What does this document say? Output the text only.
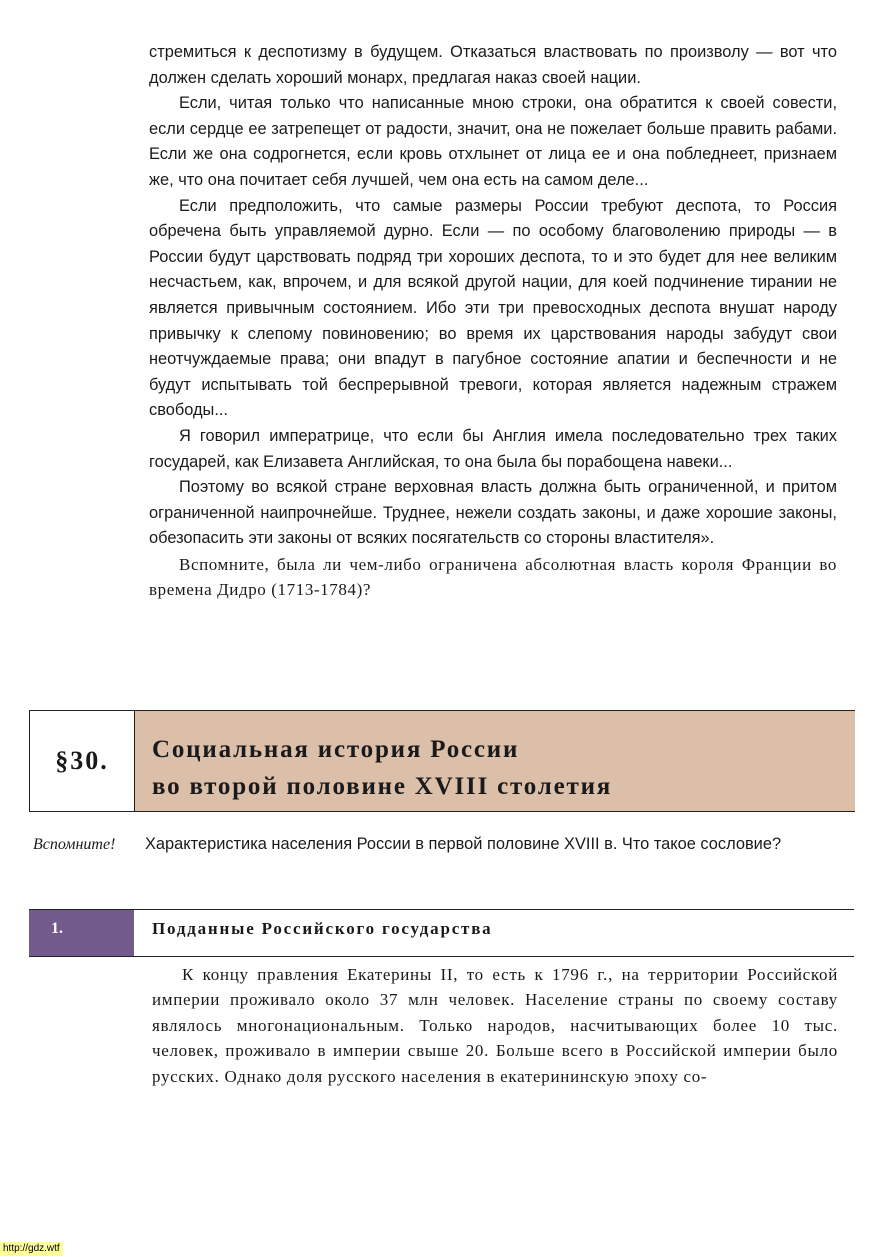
стремиться к деспотизму в будущем. Отказаться властвовать по произволу — вот что должен сделать хороший монарх, предлагая наказ своей нации.

Если, читая только что написанные мною строки, она обратится к своей совести, если сердце ее затрепещет от радости, значит, она не пожелает больше править рабами. Если же она содрогнется, если кровь отхлынет от лица ее и она побледнеет, признаем же, что она почитает себя лучшей, чем она есть на самом деле...

Если предположить, что самые размеры России требуют деспота, то Россия обречена быть управляемой дурно. Если — по особому благоволению природы — в России будут царствовать подряд три хороших деспота, то и это будет для нее великим несчастьем, как, впрочем, и для всякой другой нации, для коей подчинение тирании не является привычным состоянием. Ибо эти три превосходных деспота внушат народу привычку к слепому повиновению; во время их царствования народы забудут свои неотчуждаемые права; они впадут в пагубное состояние апатии и беспечности и не будут испытывать той беспрерывной тревоги, которая является надежным стражем свободы...

Я говорил императрице, что если бы Англия имела последовательно трех таких государей, как Елизавета Английская, то она была бы порабощена навеки...

Поэтому во всякой стране верховная власть должна быть ограниченной, и притом ограниченной наипрочнейше. Труднее, нежели создать законы, и даже хорошие законы, обезопасить эти законы от всяких посягательств со стороны властителя».

Вспомните, была ли чем-либо ограничена абсолютная власть короля Франции во времена Дидро (1713-1784)?

§30.	Социальная история России
во второй половине XVIII столетия
Вспомните! Характеристика населения России в первой половине XVIII в. Что такое сословие?
1.	Подданные Российского государства

К концу правления Екатерины II, то есть к 1796 г., на территории Российской империи проживало около 37 млн человек. Население страны по своему составу являлось многонациональным. Только народов, насчитывающих более 10 тыс. человек, проживало в империи свыше 20. Больше всего в Российской империи было русских. Однако доля русского населения в екатерининскую эпоху со-

http://gdz.wtf
